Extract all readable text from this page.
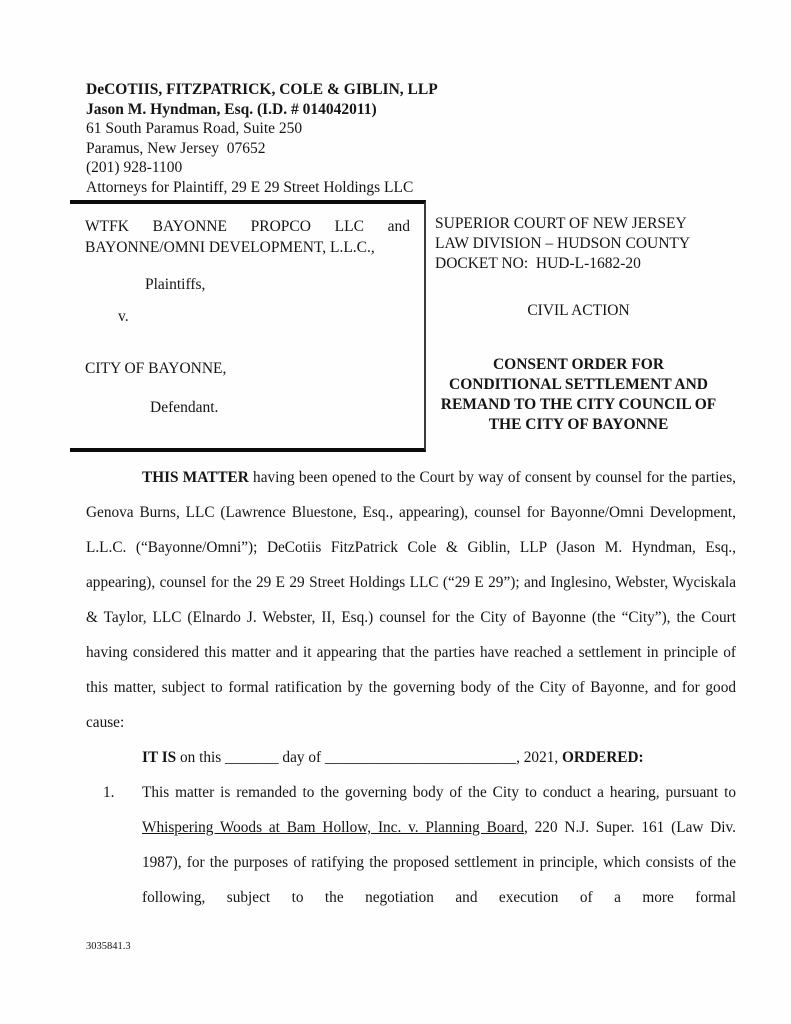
DeCOTIIS, FITZPATRICK, COLE & GIBLIN, LLP
Jason M. Hyndman, Esq. (I.D. # 014042011)
61 South Paramus Road, Suite 250
Paramus, New Jersey  07652
(201) 928-1100
Attorneys for Plaintiff, 29 E 29 Street Holdings LLC
WTFK BAYONNE PROPCO LLC and
BAYONNE/OMNI DEVELOPMENT, L.L.C.,
Plaintiffs,
v.
CITY OF BAYONNE,
Defendant.
SUPERIOR COURT OF NEW JERSEY
LAW DIVISION – HUDSON COUNTY
DOCKET NO:  HUD-L-1682-20
CIVIL ACTION
CONSENT ORDER FOR
CONDITIONAL SETTLEMENT AND
REMAND TO THE CITY COUNCIL OF
THE CITY OF BAYONNE

THIS MATTER having been opened to the Court by way of consent by counsel for the parties, Genova Burns, LLC (Lawrence Bluestone, Esq., appearing), counsel for Bayonne/Omni Development, L.L.C. (“Bayonne/Omni”); DeCotiis FitzPatrick Cole & Giblin, LLP (Jason M. Hyndman, Esq., appearing), counsel for the 29 E 29 Street Holdings LLC (“29 E 29”); and Inglesino, Webster, Wyciskala & Taylor, LLC (Elnardo J. Webster, II, Esq.) counsel for the City of Bayonne (the “City”), the Court having considered this matter and it appearing that the parties have reached a settlement in principle of this matter, subject to formal ratification by the governing body of the City of Bayonne, and for good cause:

IT IS on this _______ day of _________________________, 2021, ORDERED:

1.	This matter is remanded to the governing body of the City to conduct a hearing, pursuant to Whispering Woods at Bam Hollow, Inc. v. Planning Board, 220 N.J. Super. 161 (Law Div. 1987), for the purposes of ratifying the proposed settlement in principle, which consists of the following, subject to the negotiation and execution of a more formal
3035841.3
